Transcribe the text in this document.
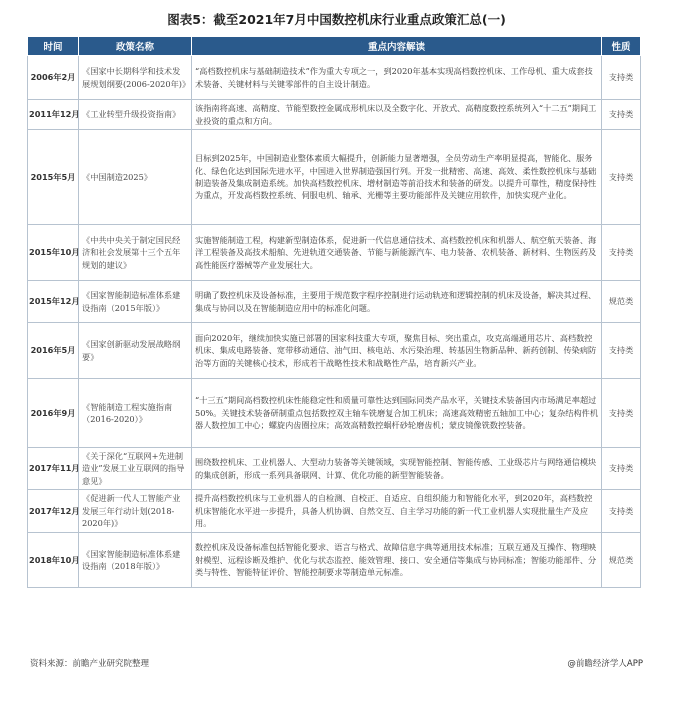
图表5：截至2021年7月中国数控机床行业重点政策汇总(一)
时间	政策名称	重点内容解读	性质
2006年2月	《国家中长期科学和技术发展规划纲要(2006-2020年)》	“高档数控机床与基础制造技术”作为重大专项之一，到2020年基本实现高档数控机床、工作母机、重大成套技术装备、关键材料与关键零部件的自主设计制造。	支持类
2011年12月	《工业转型升级投资指南》	该指南将高速、高精度、节能型数控金属成形机床以及全数字化、开放式、高精度数控系统列入“十二五”期间工业投资的重点和方向。	支持类
2015年5月	《中国制造2025》	目标到2025年，中国制造业整体素质大幅提升，创新能力显著增强，全员劳动生产率明显提高，智能化、服务化、绿色化达到国际先进水平，中国进入世界制造强国行列。开发一批精密、高速、高效、柔性数控机床与基础制造装备及集成制造系统。加快高档数控机床、增材制造等前沿技术和装备的研发。以提升可靠性，精度保持性为重点，开发高档数控系统、伺服电机、轴承、光栅等主要功能部件及关键应用软件，加快实现产业化。	支持类
2015年10月	《中共中央关于制定国民经济和社会发展第十三个五年规划的建议》	实施智能制造工程，构建新型制造体系，促进新一代信息通信技术、高档数控机床和机器人、航空航天装备、海洋工程装备及高技术船舶、先进轨道交通装备、节能与新能源汽车、电力装备、农机装备、新材料、生物医药及高性能医疗器械等产业发展壮大。	支持类
2015年12月	《国家智能制造标准体系建设指南（2015年版）》	明确了数控机床及设备标准，主要用于规范数字程序控制进行运动轨迹和逻辑控制的机床及设备，解决其过程、集成与协同以及在智能制造应用中的标准化问题。	规范类
2016年5月	《国家创新驱动发展战略纲要》	面向2020年，继续加快实施已部署的国家科技重大专项，聚焦目标、突出重点，攻克高端通用芯片、高档数控机床、集成电路装备、宽带移动通信、油气田、核电站、水污染治理、转基因生物新品种、新药创制、传染病防治等方面的关键核心技术，形成若干战略性技术和战略性产品，培育新兴产业。	支持类
2016年9月	《智能制造工程实施指南（2016-2020）》	“十三五”期间高档数控机床性能稳定性和质量可靠性达到国际同类产品水平，关键技术装备国内市场满足率超过50%。关键技术装备研制重点包括数控双主轴车铣磨复合加工机床；高速高效精密五轴加工中心；复杂结构件机器人数控加工中心；螺旋内齿圈拉床；高效高精数控蜗杆砂轮磨齿机；蒙皮镜像铣数控装备。	支持类
2017年11月	《关于深化“互联网+先进制造业”发展工业互联网的指导意见》	围绕数控机床、工业机器人、大型动力装备等关键领域，实现智能控制、智能传感、工业级芯片与网络通信模块的集成创新，形成一系列具备联网、计算、优化功能的新型智能装备。	支持类
2017年12月	《促进新一代人工智能产业发展三年行动计划(2018-2020年)》	提升高档数控机床与工业机器人的自检测、自校正、自适应、自组织能力和智能化水平，到2020年，高档数控机床智能化水平进一步提升，具备人机协调、自然交互、自主学习功能的新一代工业机器人实现批量生产及应用。	支持类
2018年10月	《国家智能制造标准体系建设指南（2018年版）》	数控机床及设备标准包括智能化要求、语言与格式、故障信息字典等通用技术标准；互联互通及互操作、物理映射模型、远程诊断及维护、优化与状态监控、能效管理、接口、安全通信等集成与协同标准；智能功能部件、分类与特性、智能特征评价、智能控制要求等制造单元标准。	规范类
资料来源：前瞻产业研究院整理	@前瞻经济学人APP
